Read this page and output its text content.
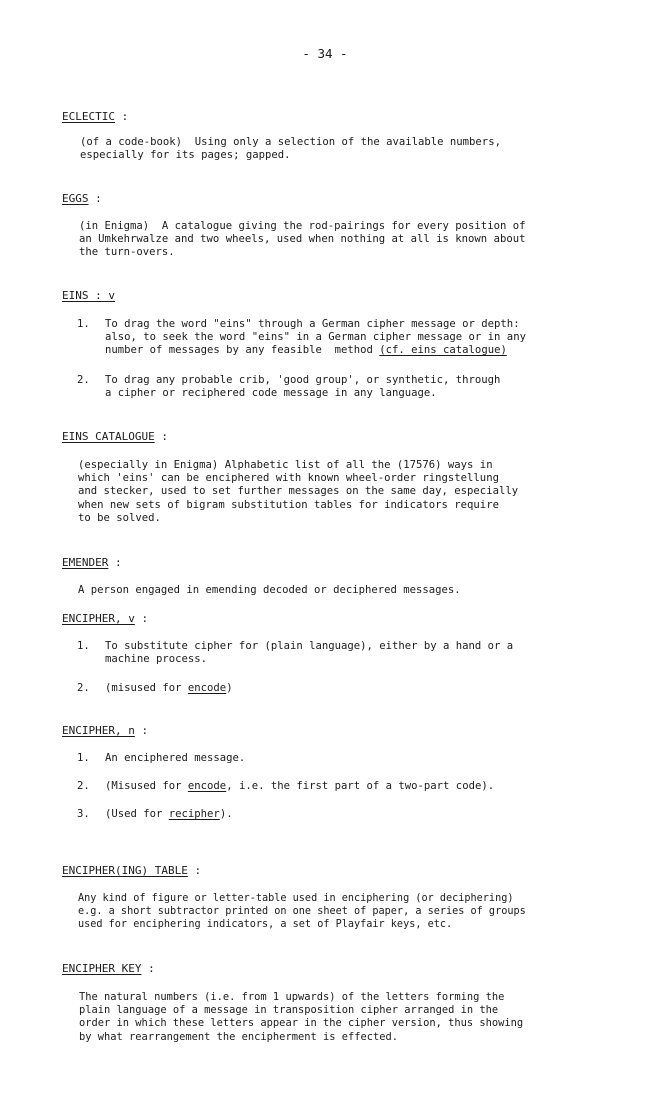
- 34 -
ECLECTIC :
(of a code-book)  Using only a selection of the available numbers,
especially for its pages; gapped.
EGGS :
(in Enigma)  A catalogue giving the rod-pairings for every position of
an Umkehrwalze and two wheels, used when nothing at all is known about
the turn-overs.
EINS : v
1. To drag the word "eins" through a German cipher message or depth:
also, to seek the word "eins" in a German cipher message or in any
number of messages by any feasible  method (cf. eins catalogue)
2. To drag any probable crib, 'good group', or synthetic, through
a cipher or reciphered code message in any language.
EINS CATALOGUE :
(especially in Enigma) Alphabetic list of all the (17576) ways in
which 'eins' can be enciphered with known wheel-order ringstellung
and stecker, used to set further messages on the same day, especially
when new sets of bigram substitution tables for indicators require
to be solved.
EMENDER :
A person engaged in emending decoded or deciphered messages.
ENCIPHER, v :
1. To substitute cipher for (plain language), either by a hand or a
machine process.
2. (misused for encode)
ENCIPHER, n :
1. An enciphered message.
2. (Misused for encode, i.e. the first part of a two-part code).
3. (Used for recipher).
ENCIPHER(ING) TABLE :
Any kind of figure or letter-table used in enciphering (or deciphering)
e.g. a short subtractor printed on one sheet of paper, a series of groups
used for enciphering indicators, a set of Playfair keys, etc.
ENCIPHER KEY :
The natural numbers (i.e. from 1 upwards) of the letters forming the
plain language of a message in transposition cipher arranged in the
order in which these letters appear in the cipher version, thus showing
by what rearrangement the encipherment is effected.
